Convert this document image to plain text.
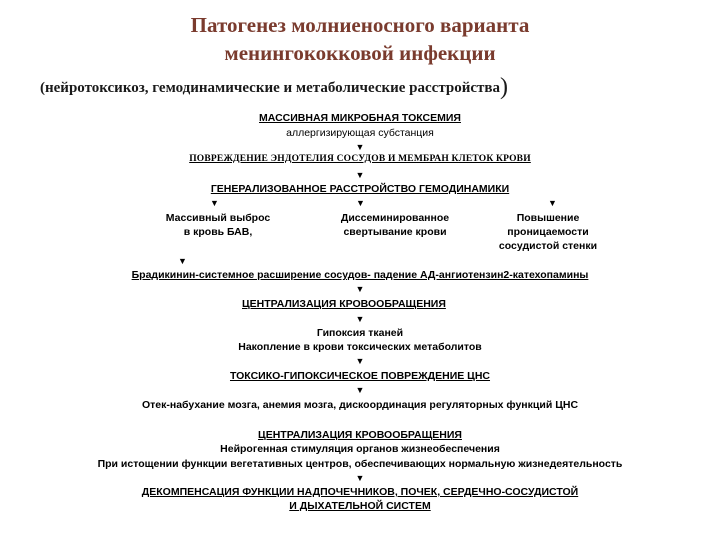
Патогенез молниеносного варианта
менингококковой инфекции
(нейротоксикоз, гемодинамические и метаболические расстройства)
МАССИВНАЯ МИКРОБНАЯ ТОКСЕМИЯ
аллергизирующая субстанция
▼
ПОВРЕЖДЕНИЕ ЭНДОТЕЛИЯ СОСУДОВ И МЕМБРАН КЛЕТОК КРОВИ
▼
ГЕНЕРАЛИЗОВАННОЕ РАССТРОЙСТВО ГЕМОДИНАМИКИ
▼	▼	▼
Массивный выброс
в кровь БАВ,
Диссеминированное
свертывание крови
Повышение
проницаемости
сосудистой стенки
▼
Брадикинин-системное расширение сосудов- падение АД-ангиотензин2-катехопамины
▼
ЦЕНТРАЛИЗАЦИЯ КРОВООБРАЩЕНИЯ
▼
Гипоксия тканей
Накопление в крови токсических метаболитов
▼
ТОКСИКО-ГИПОКСИЧЕСКОЕ ПОВРЕЖДЕНИЕ ЦНС
▼
Отек-набухание мозга, анемия мозга, дискоординация регуляторных функций ЦНС
ЦЕНТРАЛИЗАЦИЯ КРОВООБРАЩЕНИЯ
Нейрогенная стимуляция органов жизнеобеспечения
При истощении функции вегетативных центров, обеспечивающих нормальную жизнедеятельность
▼
ДЕКОМПЕНСАЦИЯ ФУНКЦИИ НАДПОЧЕЧНИКОВ, ПОЧЕК, СЕРДЕЧНО-СОСУДИСТОЙ
И ДЫХАТЕЛЬНОЙ СИСТЕМ
